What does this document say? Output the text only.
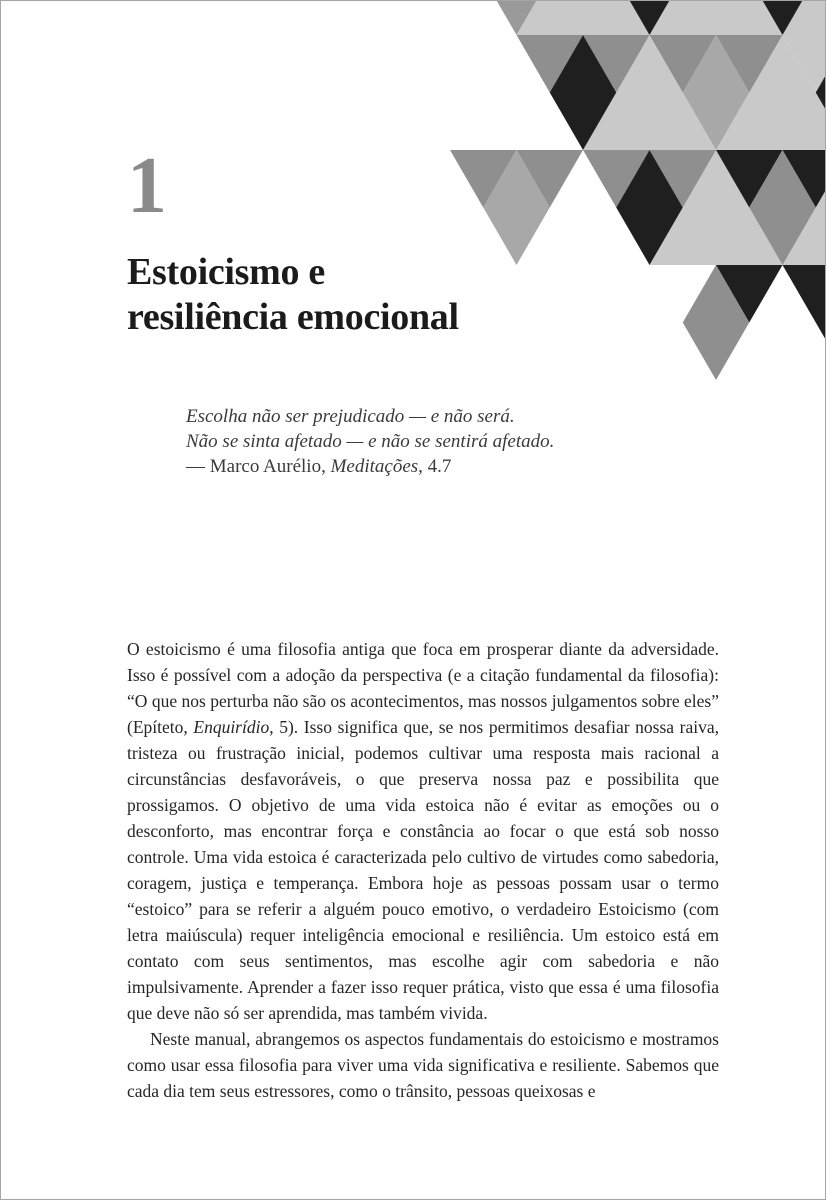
1
Estoicismo e
resiliência emocional
Escolha não ser prejudicado — e não será.
Não se sinta afetado — e não se sentirá afetado.
— Marco Aurélio, Meditações, 4.7

O estoicismo é uma filosofia antiga que foca em prosperar diante da adversidade. Isso é possível com a adoção da perspectiva (e a citação fundamental da filosofia): “O que nos perturba não são os acontecimentos, mas nossos julgamentos sobre eles” (Epíteto, Enquirídio, 5). Isso significa que, se nos permitimos desafiar nossa raiva, tristeza ou frustração inicial, podemos cultivar uma resposta mais racional a circunstâncias desfavoráveis, o que preserva nossa paz e possibilita que prossigamos. O objetivo de uma vida estoica não é evitar as emoções ou o desconforto, mas encontrar força e constância ao focar o que está sob nosso controle. Uma vida estoica é caracterizada pelo cultivo de virtudes como sabedoria, coragem, justiça e temperança. Embora hoje as pessoas possam usar o termo “estoico” para se referir a alguém pouco emotivo, o verdadeiro Estoicismo (com letra maiúscula) requer inteligência emocional e resiliência. Um estoico está em contato com seus sentimentos, mas escolhe agir com sabedoria e não impulsivamente. Aprender a fazer isso requer prática, visto que essa é uma filosofia que deve não só ser aprendida, mas também vivida.

Neste manual, abrangemos os aspectos fundamentais do estoicismo e mostramos como usar essa filosofia para viver uma vida significativa e resiliente. Sabemos que cada dia tem seus estressores, como o trânsito, pessoas queixosas e
